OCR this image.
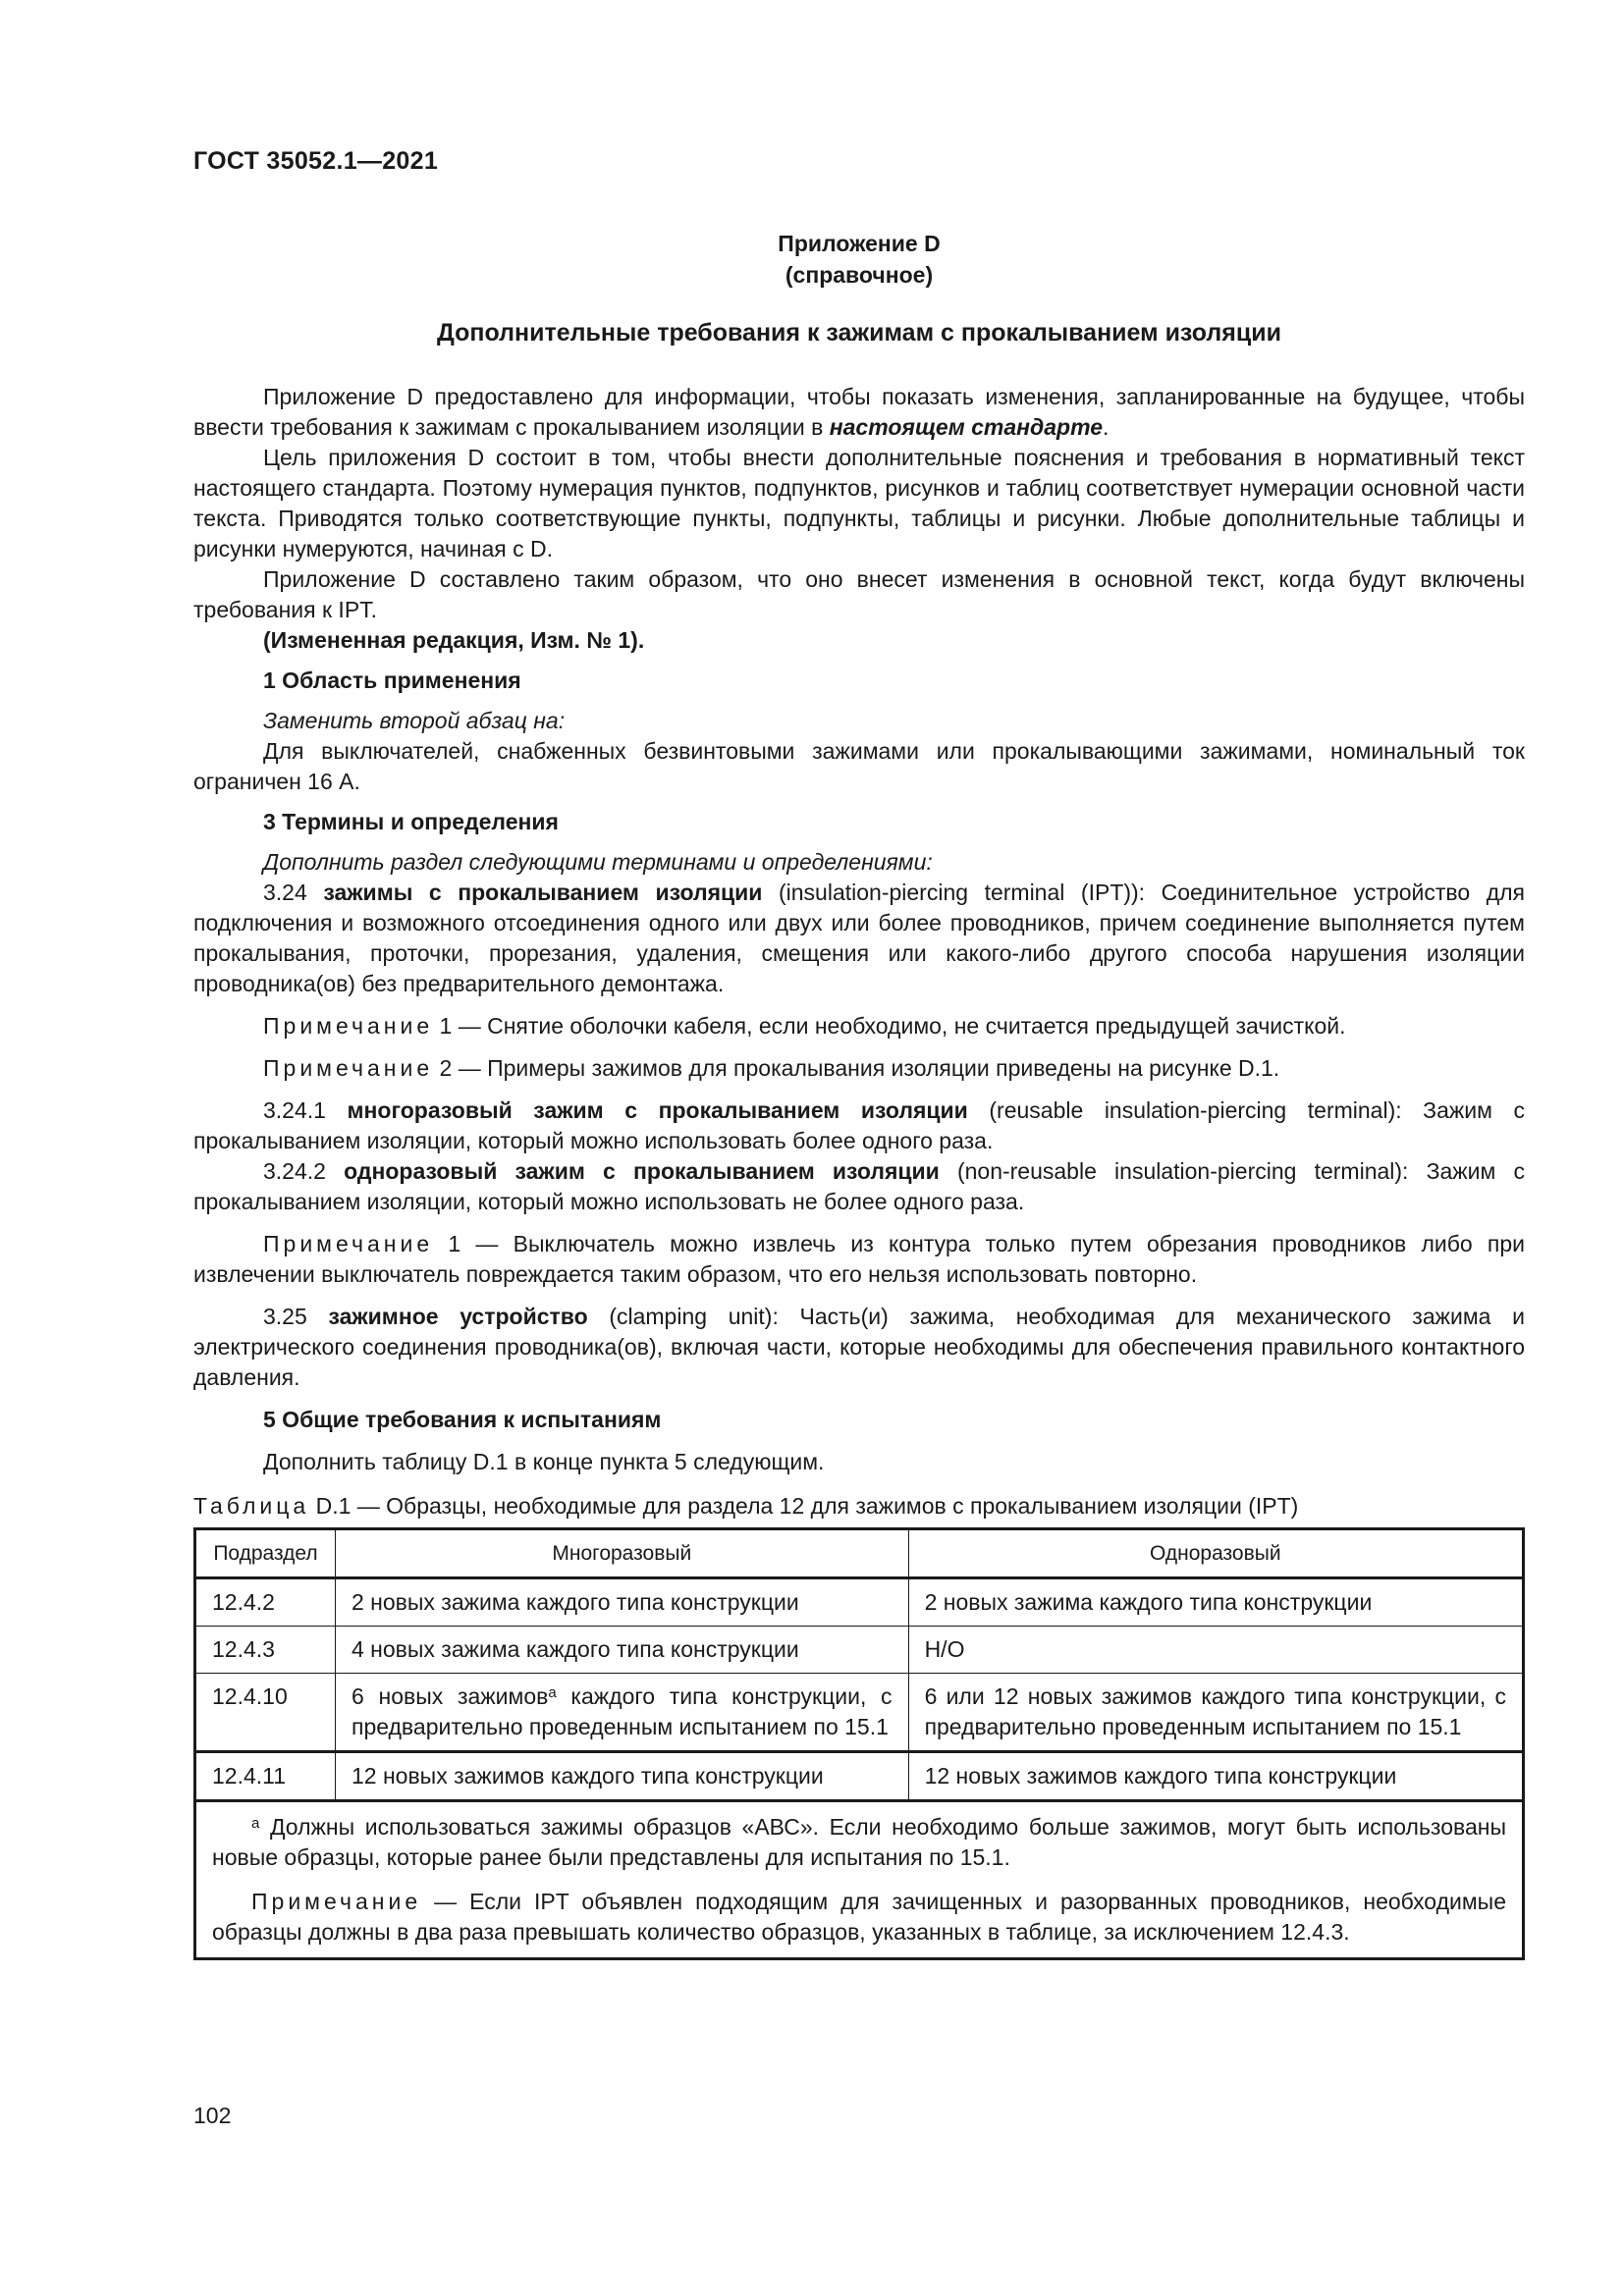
ГОСТ 35052.1—2021
Приложение D
(справочное)
Дополнительные требования к зажимам с прокалыванием изоляции

Приложение D предоставлено для информации, чтобы показать изменения, запланированные на будущее, чтобы ввести требования к зажимам с прокалыванием изоляции в настоящем стандарте.

Цель приложения D состоит в том, чтобы внести дополнительные пояснения и требования в нормативный текст настоящего стандарта. Поэтому нумерация пунктов, подпунктов, рисунков и таблиц соответствует нумерации основной части текста. Приводятся только соответствующие пункты, подпункты, таблицы и рисунки. Любые дополнительные таблицы и рисунки нумеруются, начиная с D.

Приложение D составлено таким образом, что оно внесет изменения в основной текст, когда будут включены требования к IPT.

(Измененная редакция, Изм. № 1).

1 Область применения

Заменить второй абзац на:

Для выключателей, снабженных безвинтовыми зажимами или прокалывающими зажимами, номинальный ток ограничен 16 А.

3 Термины и определения

Дополнить раздел следующими терминами и определениями:

3.24 зажимы с прокалыванием изоляции (insulation-piercing terminal (IPT)): Соединительное устройство для подключения и возможного отсоединения одного или двух или более проводников, причем соединение выполняется путем прокалывания, проточки, прорезания, удаления, смещения или какого-либо другого способа нарушения изоляции проводника(ов) без предварительного демонтажа.

Примечание 1 — Снятие оболочки кабеля, если необходимо, не считается предыдущей зачисткой.

Примечание 2 — Примеры зажимов для прокалывания изоляции приведены на рисунке D.1.

3.24.1 многоразовый зажим с прокалыванием изоляции (reusable insulation-piercing terminal): Зажим с прокалыванием изоляции, который можно использовать более одного раза.

3.24.2 одноразовый зажим с прокалыванием изоляции (non-reusable insulation-piercing terminal): Зажим с прокалыванием изоляции, который можно использовать не более одного раза.

Примечание 1 — Выключатель можно извлечь из контура только путем обрезания проводников либо при извлечении выключатель повреждается таким образом, что его нельзя использовать повторно.

3.25 зажимное устройство (clamping unit): Часть(и) зажима, необходимая для механического зажима и электрического соединения проводника(ов), включая части, которые необходимы для обеспечения правильного контактного давления.

5 Общие требования к испытаниям

Дополнить таблицу D.1 в конце пункта 5 следующим.

Таблица D.1 — Образцы, необходимые для раздела 12 для зажимов с прокалыванием изоляции (IPT)

Подраздел	Многоразовый	Одноразовый
12.4.2	2 новых зажима каждого типа конструкции	2 новых зажима каждого типа конструкции
12.4.3	4 новых зажима каждого типа конструкции	Н/О
12.4.10	6 новых зажимов$^а$ каждого типа конструкции, с предварительно проведенным испытанием по 15.1	6 или 12 новых зажимов каждого типа конструкции, с предварительно проведенным испытанием по 15.1
12.4.11	12 новых зажимов каждого типа конструкции	12 новых зажимов каждого типа конструкции

$^а$ Должны использоваться зажимы образцов «АВС». Если необходимо больше зажимов, могут быть использованы новые образцы, которые ранее были представлены для испытания по 15.1.

Примечание — Если IPT объявлен подходящим для зачищенных и разорванных проводников, необходимые образцы должны в два раза превышать количество образцов, указанных в таблице, за исключением 12.4.3.		

102
